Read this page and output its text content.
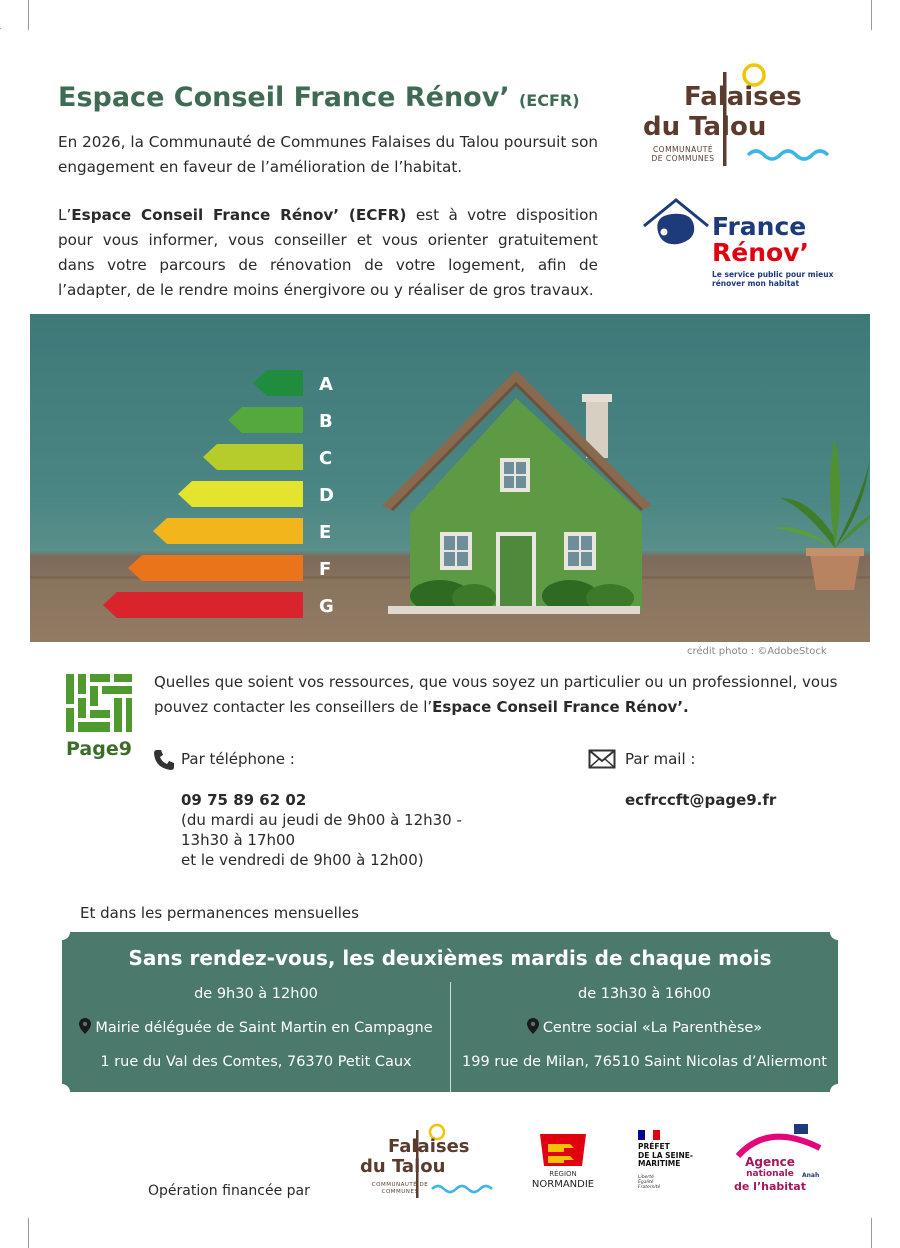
Espace Conseil France Rénov’ (ECFR)
En 2026, la Communauté de Communes Falaises du Talou poursuit son engagement en faveur de l’amélioration de l’habitat.
L’Espace Conseil France Rénov’ (ECFR) est à votre disposition pour vous informer, vous conseiller et vous orienter gratuitement dans votre parcours de rénovation de votre logement, afin de l’adapter, de le rendre moins énergivore ou y réaliser de gros travaux.
Falaises
du Talou
COMMUNAUTÉ
DE COMMUNES
France
Rénov’
Le service public pour mieux
rénover mon habitat
A
B
C
D
E
F
G
crédit photo : ©AdobeStock
Page9
Quelles que soient vos ressources, que vous soyez un particulier ou un professionnel, vous pouvez contacter les conseillers de l’Espace Conseil France Rénov’.
Par téléphone :
09 75 89 62 02
(du mardi au jeudi de 9h00 à 12h30 -
13h30 à 17h00
et le vendredi de 9h00 à 12h00)
Par mail :
ecfrccft@page9.fr
Et dans les permanences mensuelles
Sans rendez-vous, les deuxièmes mardis de chaque mois
de 9h30 à 12h00
Mairie déléguée de Saint Martin en Campagne
1 rue du Val des Comtes, 76370 Petit Caux
de 13h30 à 16h00
Centre social «La Parenthèse»
199 rue de Milan, 76510 Saint Nicolas d’Aliermont
Opération financée par
Falaises
du Talou
COMMUNAUTÉ DE COMMUNES
RÉGION
NORMANDIE
PRÉFET
DE LA SEINE-
MARITIME
Liberté
Égalité
Fraternité
Agence
nationale
de l’habitat
Anah
